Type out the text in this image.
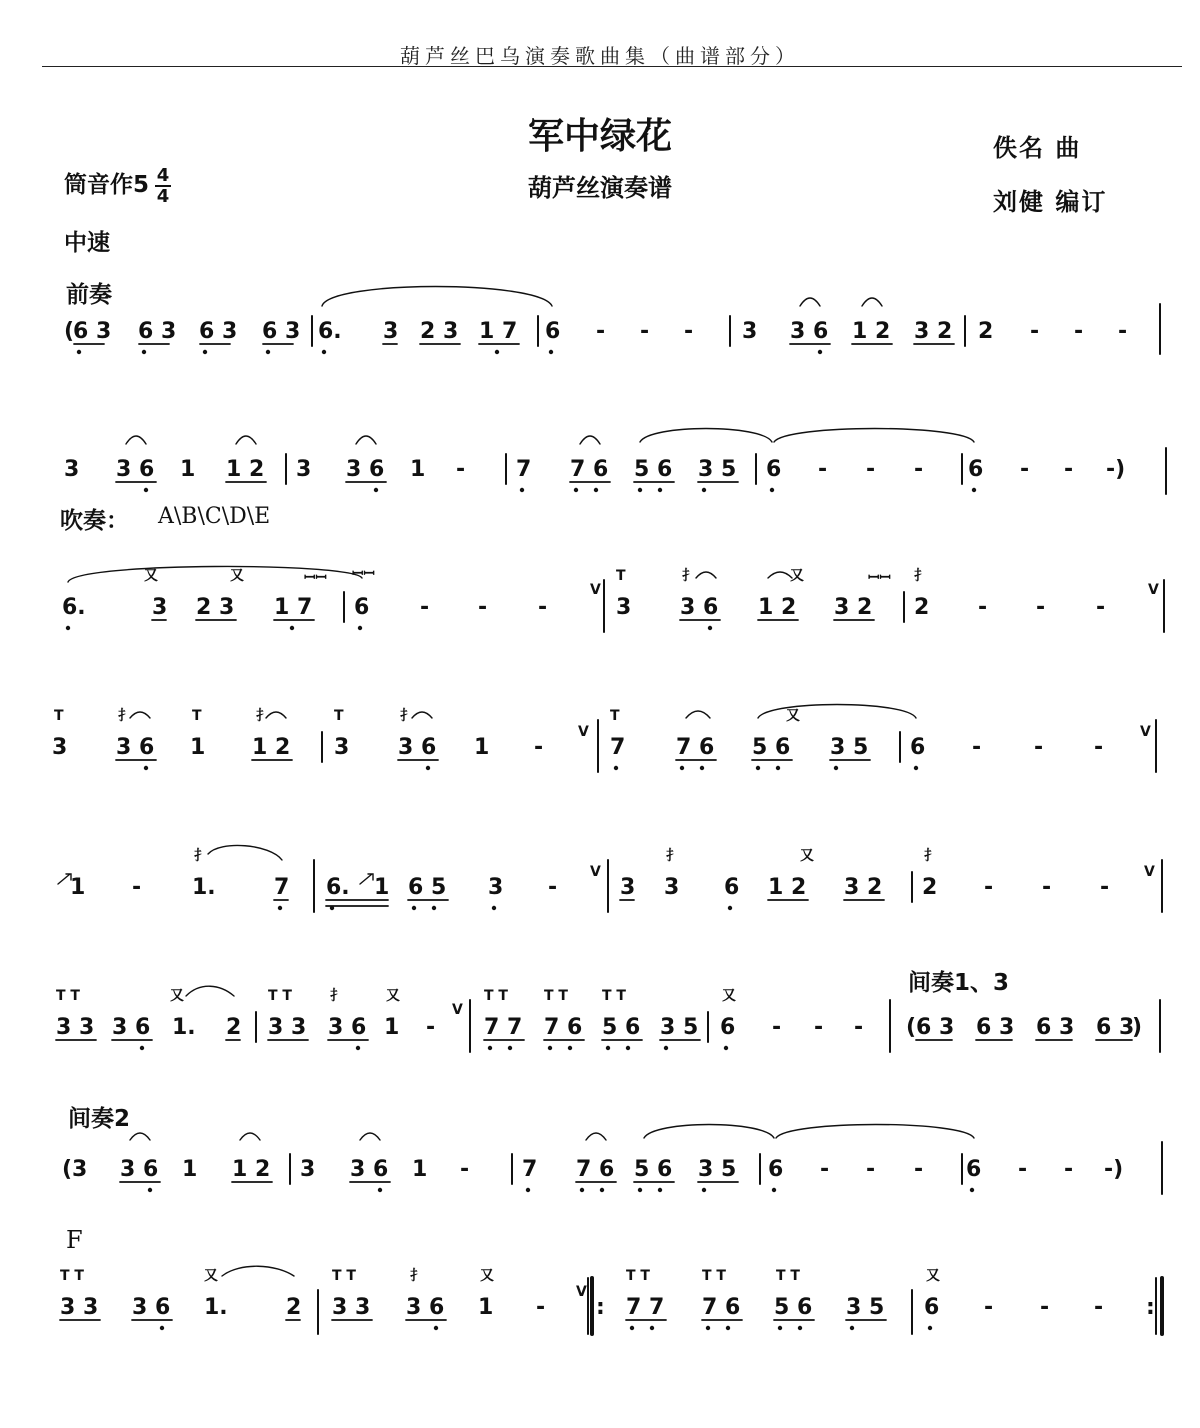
葫芦丝巴乌演奏歌曲集（曲谱部分）
军中绿花
葫芦丝演奏谱
佚名 曲
刘健 编订
筒音作$5 \frac{4}{4}$
中速
前奏
吹奏： A\B\C\D\E
间奏1、3
间奏2
F
(
6 3 6 3 6 3 6 3 6. 3 2 3 1 7 6 - - - 3 3 6 1 2 3 2 2 - - -
3 3 6 1 1 2 3 3 6 1 - 7 7 6 5 6 3 5 6 - - - 6 - - -)
6.	3 2 3 1 7 6 - - -	3 3 6 1 2 3 2 2 - - -
又	又	T	扌	又	扌
V	V
3 3 6 1 1 2 3 3 6 1 -	7 7 6 5 6 3 5 6 - - -
T	扌	T	扌	T	扌	T	又
V	V
1 - 1.	7 6. 1 6 5 3 -	3 3 6 1 2 3 2 2 - - -
扌	扌	又	扌
V	V
3 3 3 6 1. 2 3 3 3 6 1 - 7 7 7 6 5 6 3 5 6 - - - ( 6 3 6 3 6 3 6 3
)
T T	又	T T	扌	又	T T	T T T T	又
V
(3 3 6 1 1 2 3 3 6 1 - 7 7 6 5 6 3 5 6 - - - 6 - - -)
3 3 3 6 1.	2 3 3 3 6 1 -	7 7 7 6 5 6 3 5 6 - - -
T T	又	T T	扌	又	T T	T T	T T	又
V
:	:
ꟷꟷ ꟷꟷ	ꟷꟷ
